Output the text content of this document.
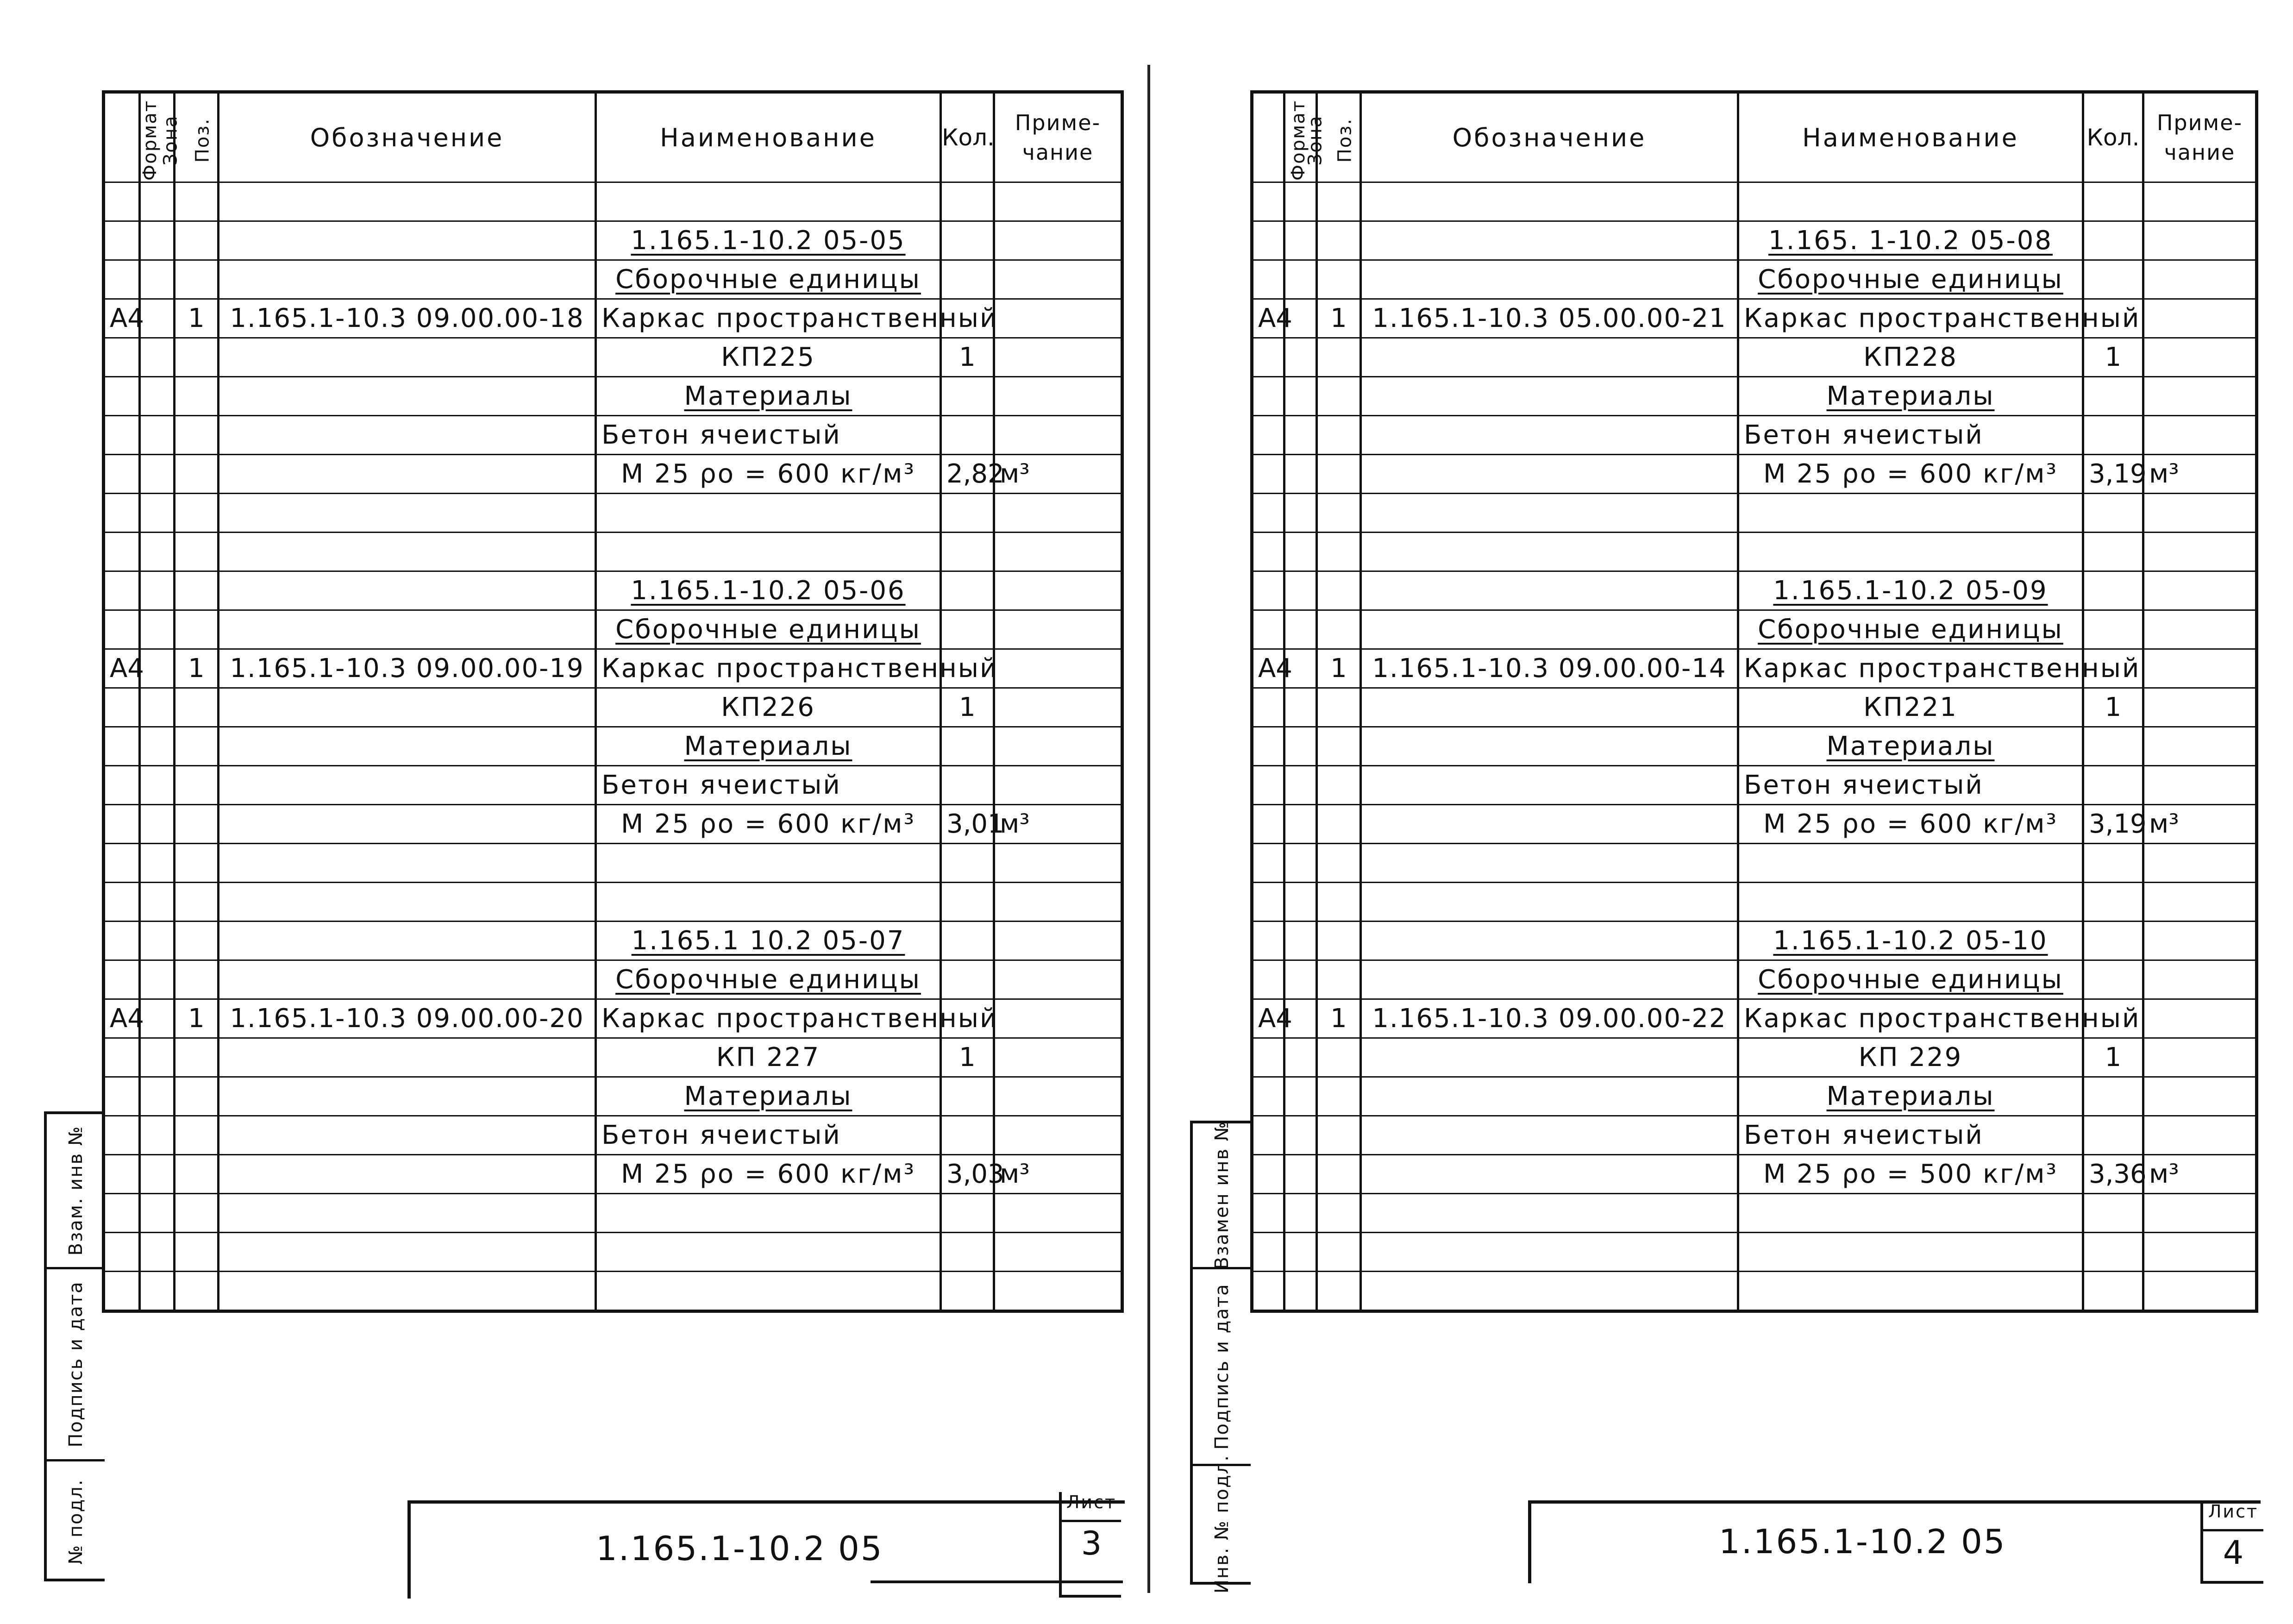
Формат	Зона	Поз.	Обозначение	Наименование	Кол.	Приме-
чание

				1.165.1-10.2 05-05		
				Сборочные единицы		
А4		1	1.165.1-10.3 09.00.00-18	Каркас пространственный		
				КП225	1	
				Материалы		
				Бетон ячеистый		
				М 25 ρо = 600 кг/м³	2,82	м³

				1.165.1-10.2 05-06		
				Сборочные единицы		
А4		1	1.165.1-10.3 09.00.00-19	Каркас пространственный		
				КП226	1	
				Материалы		
				Бетон ячеистый		
				М 25 ρо = 600 кг/м³	3,01	м³

				1.165.1 10.2 05-07		
				Сборочные единицы		
А4		1	1.165.1-10.3 09.00.00-20	Каркас пространственный		
				КП 227	1	
				Материалы		
				Бетон ячеистый		
				М 25 ρо = 600 кг/м³	3,03	м³

Взам. инв №
Подпись и дата
№ подл.	1.165.1-10.2 05
Лист
3
Формат	Зона	Поз.	Обозначение	Наименование	Кол.	Приме-
чание

				1.165. 1-10.2 05-08		
				Сборочные единицы		
А4		1	1.165.1-10.3 05.00.00-21	Каркас пространственный		
				КП228	1	
				Материалы		
				Бетон ячеистый		
				М 25 ρо = 600 кг/м³	3,19	м³

				1.165.1-10.2 05-09		
				Сборочные единицы		
А4		1	1.165.1-10.3 09.00.00-14	Каркас пространственный		
				КП221	1	
				Материалы		
				Бетон ячеистый		
				М 25 ρо = 600 кг/м³	3,19	м³

				1.165.1-10.2 05-10		
				Сборочные единицы		
А4		1	1.165.1-10.3 09.00.00-22	Каркас пространственный		
				КП 229	1	
				Материалы		
				Бетон ячеистый		
				М 25 ρо = 500 кг/м³	3,36	м³

Взамен инв №
Подпись и дата
Инв. № подл.	1.165.1-10.2 05
Лист
4
